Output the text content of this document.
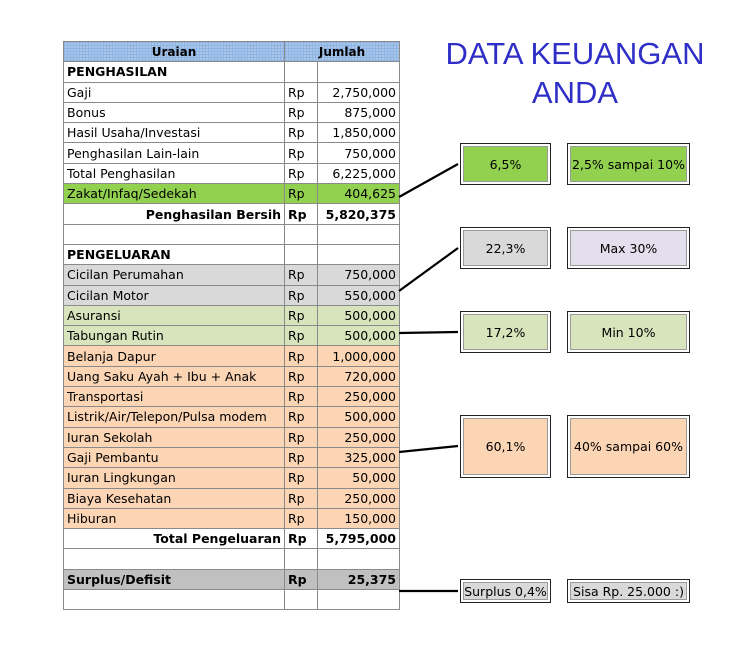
DATA KEUANGAN ANDA
Uraian	Jumlah	
PENGHASILAN		
Gaji	Rp	2,750,000
Bonus	Rp	875,000
Hasil Usaha/Investasi	Rp	1,850,000
Penghasilan Lain-lain	Rp	750,000
Total Penghasilan	Rp	6,225,000
Zakat/Infaq/Sedekah	Rp	404,625
Penghasilan Bersih	Rp	5,820,375

PENGELUARAN		
Cicilan Perumahan	Rp	750,000
Cicilan Motor	Rp	550,000
Asuransi	Rp	500,000
Tabungan Rutin	Rp	500,000
Belanja Dapur	Rp	1,000,000
Uang Saku Ayah + Ibu + Anak	Rp	720,000
Transportasi	Rp	250,000
Listrik/Air/Telepon/Pulsa modem	Rp	500,000
Iuran Sekolah	Rp	250,000
Gaji Pembantu	Rp	325,000
Iuran Lingkungan	Rp	50,000
Biaya Kesehatan	Rp	250,000
Hiburan	Rp	150,000
Total Pengeluaran	Rp	5,795,000

Surplus/Defisit	Rp	25,375

6,5%	2,5% sampai 10%
22,3%	Max 30%
17,2%	Min 10%
60,1%	40% sampai 60%
Surplus 0,4%	Sisa Rp. 25.000 :)
